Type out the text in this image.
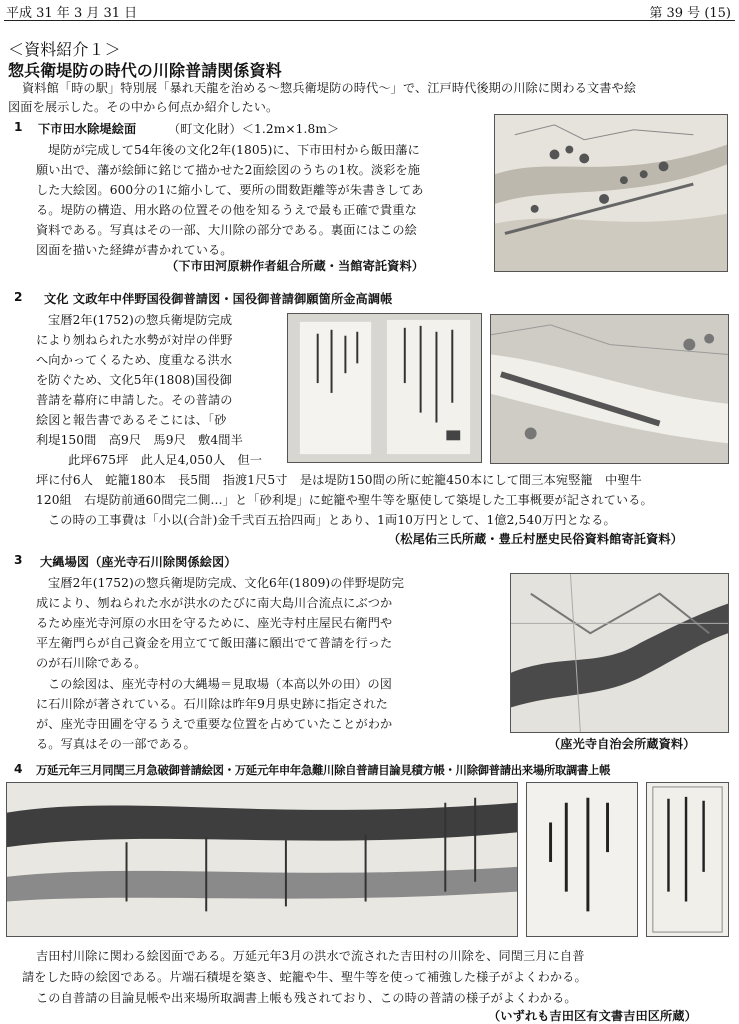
平成 31 年 3 月 31 日	第 39 号 (15)
＜資料紹介１＞
惣兵衛堤防の時代の川除普請関係資料
資料館「時の駅」特別展「暴れ天龍を治める〜惣兵衛堤防の時代〜」で、江戸時代後期の川除に関わる文書や絵
図面を展示した。その中から何点か紹介したい。
1 下市田水除堤絵面	（町文化財）＜1.2m×1.8m＞
堤防が完成して54年後の文化2年(1805)に、下市田村から飯田藩に
願い出で、藩が絵師に銘じて描かせた2面絵図のうちの1枚。淡彩を施
した大絵図。600分の1に縮小して、要所の間数距離等が朱書きしてあ
る。堤防の構造、用水路の位置その他を知るうえで最も正確で貴重な
資料である。写真はその一部、大川除の部分である。裏面にはこの絵
図面を描いた経緯が書かれている。
（下市田河原耕作者組合所蔵・当館寄託資料）
2 文化 文政年中伴野国役御普請図・国役御普請御願箇所金高調帳
宝暦2年(1752)の惣兵衛堤防完成
により刎ねられた水勢が対岸の伴野
へ向かってくるため、度重なる洪水
を防ぐため、文化5年(1808)国役御
普請を幕府に申請した。その普請の
絵図と報告書であるそこには、「砂
利堤150間　高9尺　馬9尺　敷4間半
此坪675坪　此人足4,050人　但一
坪に付6人　蛇籠180本　長5間　指渡1尺5寸　是は堤防150間の所に蛇籠450本にして間三本宛竪籠　中聖牛
120組　右堤防前通60間完二側…」と「砂利堤」に蛇籠や聖牛等を駆使して築堤した工事概要が記されている。
この時の工事費は「小以(合計)金千弐百五拾四両」とあり、1両10万円として、1億2,540万円となる。
（松尾佑三氏所蔵・豊丘村歴史民俗資料館寄託資料）
3 大縄場図（座光寺石川除関係絵図）
宝暦2年(1752)の惣兵衛堤防完成、文化6年(1809)の伴野堤防完
成により、刎ねられた水が洪水のたびに南大島川合流点にぶつか
るため座光寺河原の水田を守るために、座光寺村庄屋民右衛門や
平左衛門らが自己資金を用立てて飯田藩に願出でて普請を行った
のが石川除である。
この絵図は、座光寺村の大縄場＝見取場（本高以外の田）の図
に石川除が著されている。石川除は昨年9月県史跡に指定された
が、座光寺田圃を守るうえで重要な位置を占めていたことがわか
る。写真はその一部である。	（座光寺自治会所蔵資料）
4 万延元年三月同閏三月急破御普請絵図・万延元年申年急難川除自普請目論見積方帳・川除御普請出来場所取調書上帳
吉田村川除に関わる絵図面である。万延元年3月の洪水で流された吉田村の川除を、同閏三月に自普
請をした時の絵図である。片端石積堤を築き、蛇籠や牛、聖牛等を使って補強した様子がよくわかる。
この自普請の目論見帳や出来場所取調書上帳も残されており、この時の普請の様子がよくわかる。
（いずれも吉田区有文書吉田区所蔵）
